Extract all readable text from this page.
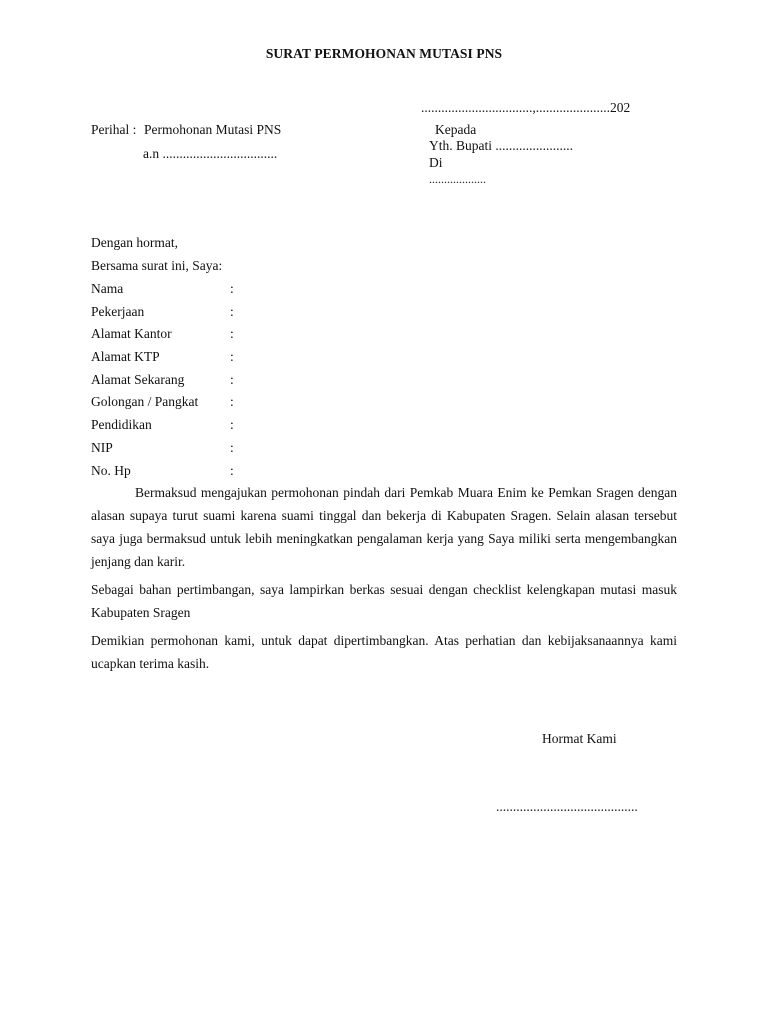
SURAT PERMOHONAN MUTASI PNS
.................................,......................202
Perihal : Permohonan Mutasi PNS
a.n ..................................
Kepada
Yth. Bupati .......................
Di
...................
Dengan hormat,
Bersama surat ini, Saya:
Nama	:
Pekerjaan	:
Alamat Kantor	:
Alamat KTP	:
Alamat Sekarang	:
Golongan / Pangkat :
Pendidikan	:
NIP	:
No. Hp	:

Bermaksud mengajukan permohonan pindah dari Pemkab Muara Enim ke Pemkan Sragen dengan alasan supaya turut suami karena suami tinggal dan bekerja di Kabupaten Sragen. Selain alasan tersebut saya juga bermaksud untuk lebih meningkatkan pengalaman kerja yang Saya miliki serta mengembangkan jenjang dan karir.

Sebagai bahan pertimbangan, saya lampirkan berkas sesuai dengan checklist kelengkapan mutasi masuk Kabupaten Sragen

Demikian permohonan kami, untuk dapat dipertimbangkan. Atas perhatian dan kebijaksanaannya kami ucapkan terima kasih.

Hormat Kami
..........................................
